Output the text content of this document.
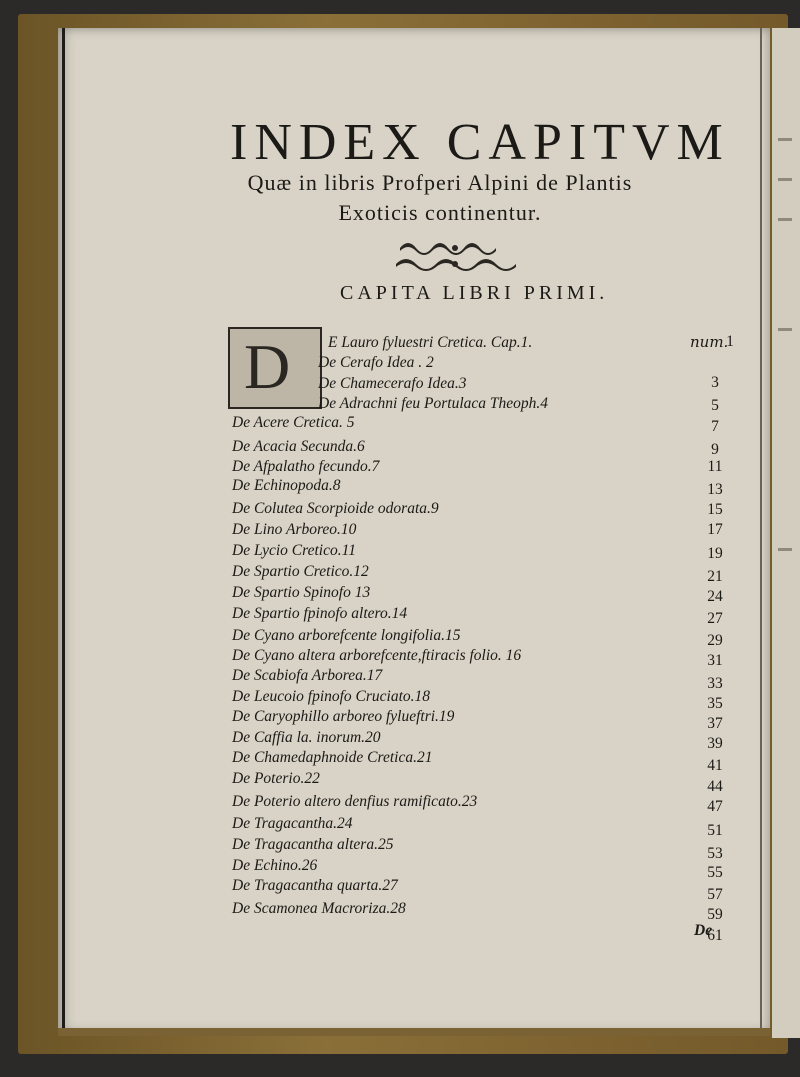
INDEX CAPITVM
Quæ in libris Profperi Alpini de Plantis
Exoticis continentur.
CAPITA LIBRI PRIMI.
D	num.
E Lauro fyluestri Cretica. Cap.1.	1
De Cerafo Idea . 2
3
De Chamecerafo Idea.3
5
De Adrachni feu Portulaca Theoph.4
7
De Acere Cretica. 5
9
De Acacia Secunda.6
11
De Afpalatho fecundo.7
13
De Echinopoda.8
15
De Colutea Scorpioide odorata.9
17
De Lino Arboreo.10
19
De Lycio Cretico.11
21
De Spartio Cretico.12
24
De Spartio Spinofo 13
27
De Spartio fpinofo altero.14
29
De Cyano arborefcente longifolia.15
31
De Cyano altera arborefcente,ftiracis folio. 16
33
De Scabiofa Arborea.17
35
De Leucoio fpinofo Cruciato.18
37
De Caryophillo arboreo fylueftri.19
39
De Caffia la. inorum.20
41
De Chamedaphnoide Cretica.21
44
De Poterio.22
47
De Poterio altero denfius ramificato.23
51
De Tragacantha.24
53
De Tragacantha altera.25
55
De Echino.26
57
De Tragacantha quarta.27
59
De Scamonea Macroriza.28
61
De
